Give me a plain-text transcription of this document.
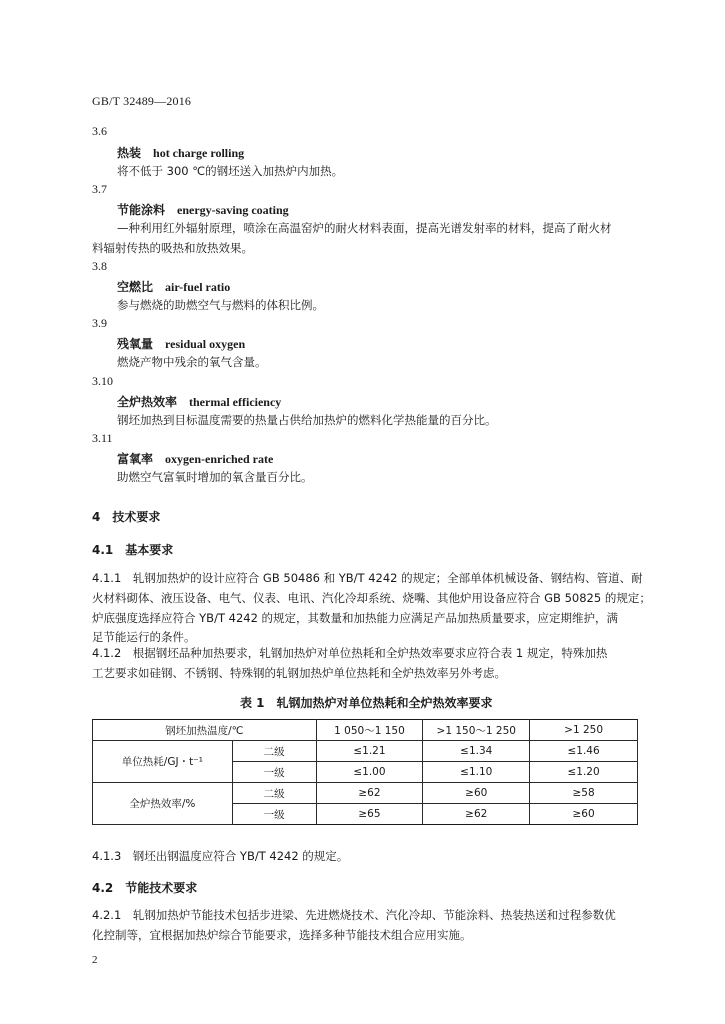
GB/T 32489—2016
3.6
热装 hot charge rolling
将不低于 300 ℃的钢坯送入加热炉内加热。
3.7
节能涂料 energy-saving coating
—种利用红外辐射原理，喷涂在高温窑炉的耐火材料表面，提高光谱发射率的材料，提高了耐火材
料辐射传热的吸热和放热效果。
3.8
空燃比 air-fuel ratio
参与燃烧的助燃空气与燃料的体积比例。
3.9
残氧量 residual oxygen
燃烧产物中残余的氧气含量。
3.10
全炉热效率 thermal efficiency
钢坯加热到目标温度需要的热量占供给加热炉的燃料化学热能量的百分比。
3.11
富氧率 oxygen-enriched rate
助燃空气富氧时增加的氧含量百分比。
4　技术要求
4.1　基本要求
4.1.1　轧钢加热炉的设计应符合 GB 50486 和 YB/T 4242 的规定；全部单体机械设备、钢结构、管道、耐
火材料砌体、液压设备、电气、仪表、电讯、汽化冷却系统、烧嘴、其他炉用设备应符合 GB 50825 的规定；
炉底强度选择应符合 YB/T 4242 的规定，其数量和加热能力应满足产品加热质量要求，应定期维护，满
足节能运行的条件。
4.1.2　根据钢坯品种加热要求，轧钢加热炉对单位热耗和全炉热效率要求应符合表 1 规定，特殊加热
工艺要求如硅钢、不锈钢、特殊钢的轧钢加热炉单位热耗和全炉热效率另外考虑。
表 1　轧钢加热炉对单位热耗和全炉热效率要求
钢坯加热温度/℃		1 050～1 150	>1 150～1 250	>1 250
单位热耗/GJ・t⁻¹	二级	≤1.21	≤1.34	≤1.46
	一级	≤1.00	≤1.10	≤1.20
全炉热效率/%	二级	≥62	≥60	≥58
	一级	≥65	≥62	≥60
4.1.3　钢坯出钢温度应符合 YB/T 4242 的规定。
4.2　节能技术要求
4.2.1　轧钢加热炉节能技术包括步进梁、先进燃烧技术、汽化冷却、节能涂料、热装热送和过程参数优
化控制等，宜根据加热炉综合节能要求，选择多种节能技术组合应用实施。
2
